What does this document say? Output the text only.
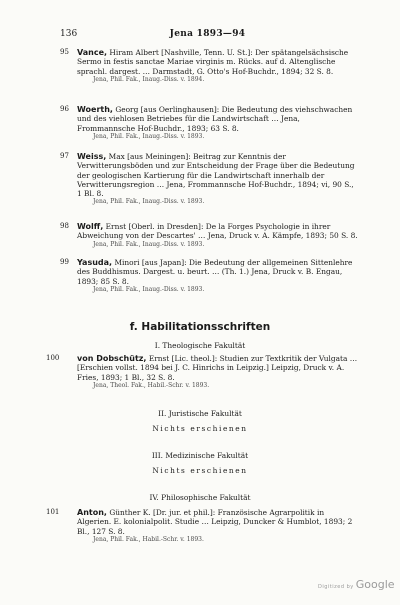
136	Jena 1893—94
95	Vance, Hiram Albert [Nashville, Tenn. U. St.]: Der spätangelsächsische Sermo in festis sanctae Mariae virginis m. Rücks. auf d. Altenglische sprachl. dargest. … Darmstadt, G. Otto's Hof-Buchdr., 1894; 32 S. 8.

Jena, Phil. Fak., Inaug.-Diss. v. 1894.

96	Woerth, Georg [aus Oerlinghausen]: Die Bedeutung des viehschwachen und des viehlosen Betriebes für die Landwirtschaft … Jena, Frommannsche Hof-Buchdr., 1893; 63 S. 8.

Jena, Phil. Fak., Inaug.-Diss. v. 1893.

97	Weiss, Max [aus Meiningen]: Beitrag zur Kenntnis der Verwitterungsböden und zur Entscheidung der Frage über die Bedeutung der geologischen Kartierung für die Landwirtschaft innerhalb der Verwitterungsregion … Jena, Frommannsche Hof-Buchdr., 1894; vi, 90 S., 1 Bl. 8.

Jena, Phil. Fak., Inaug.-Diss. v. 1893.

98	Wolff, Ernst [Oberl. in Dresden]: De la Forges Psychologie in ihrer Abweichung von der Descartes' … Jena, Druck v. A. Kämpfe, 1893; 50 S. 8.

Jena, Phil. Fak., Inaug.-Diss. v. 1893.

99	Yasuda, Minori [aus Japan]: Die Bedeutung der allgemeinen Sittenlehre des Buddhismus. Dargest. u. beurt. … (Th. 1.) Jena, Druck v. B. Engau, 1893; 85 S. 8.

Jena, Phil. Fak., Inaug.-Diss. v. 1893.

f. Habilitationsschriften
I. Theologische Fakultät
100	von Dobschütz, Ernst [Lic. theol.]: Studien zur Textkritik der Vulgata … [Erschien vollst. 1894 bei J. C. Hinrichs in Leipzig.] Leipzig, Druck v. A. Fries, 1893; 1 Bl., 32 S. 8.

Jena, Theol. Fak., Habil.-Schr. v. 1893.

II. Juristische Fakultät
Nichts erschienen
III. Medizinische Fakultät
Nichts erschienen
IV. Philosophische Fakultät
101	Anton, Günther K. [Dr. jur. et phil.]: Französische Agrarpolitik in Algerien. E. kolonialpolit. Studie … Leipzig, Duncker & Humblot, 1893; 2 Bl., 127 S. 8.

Jena, Phil. Fak., Habil.-Schr. v. 1893.

Digitized by Google
